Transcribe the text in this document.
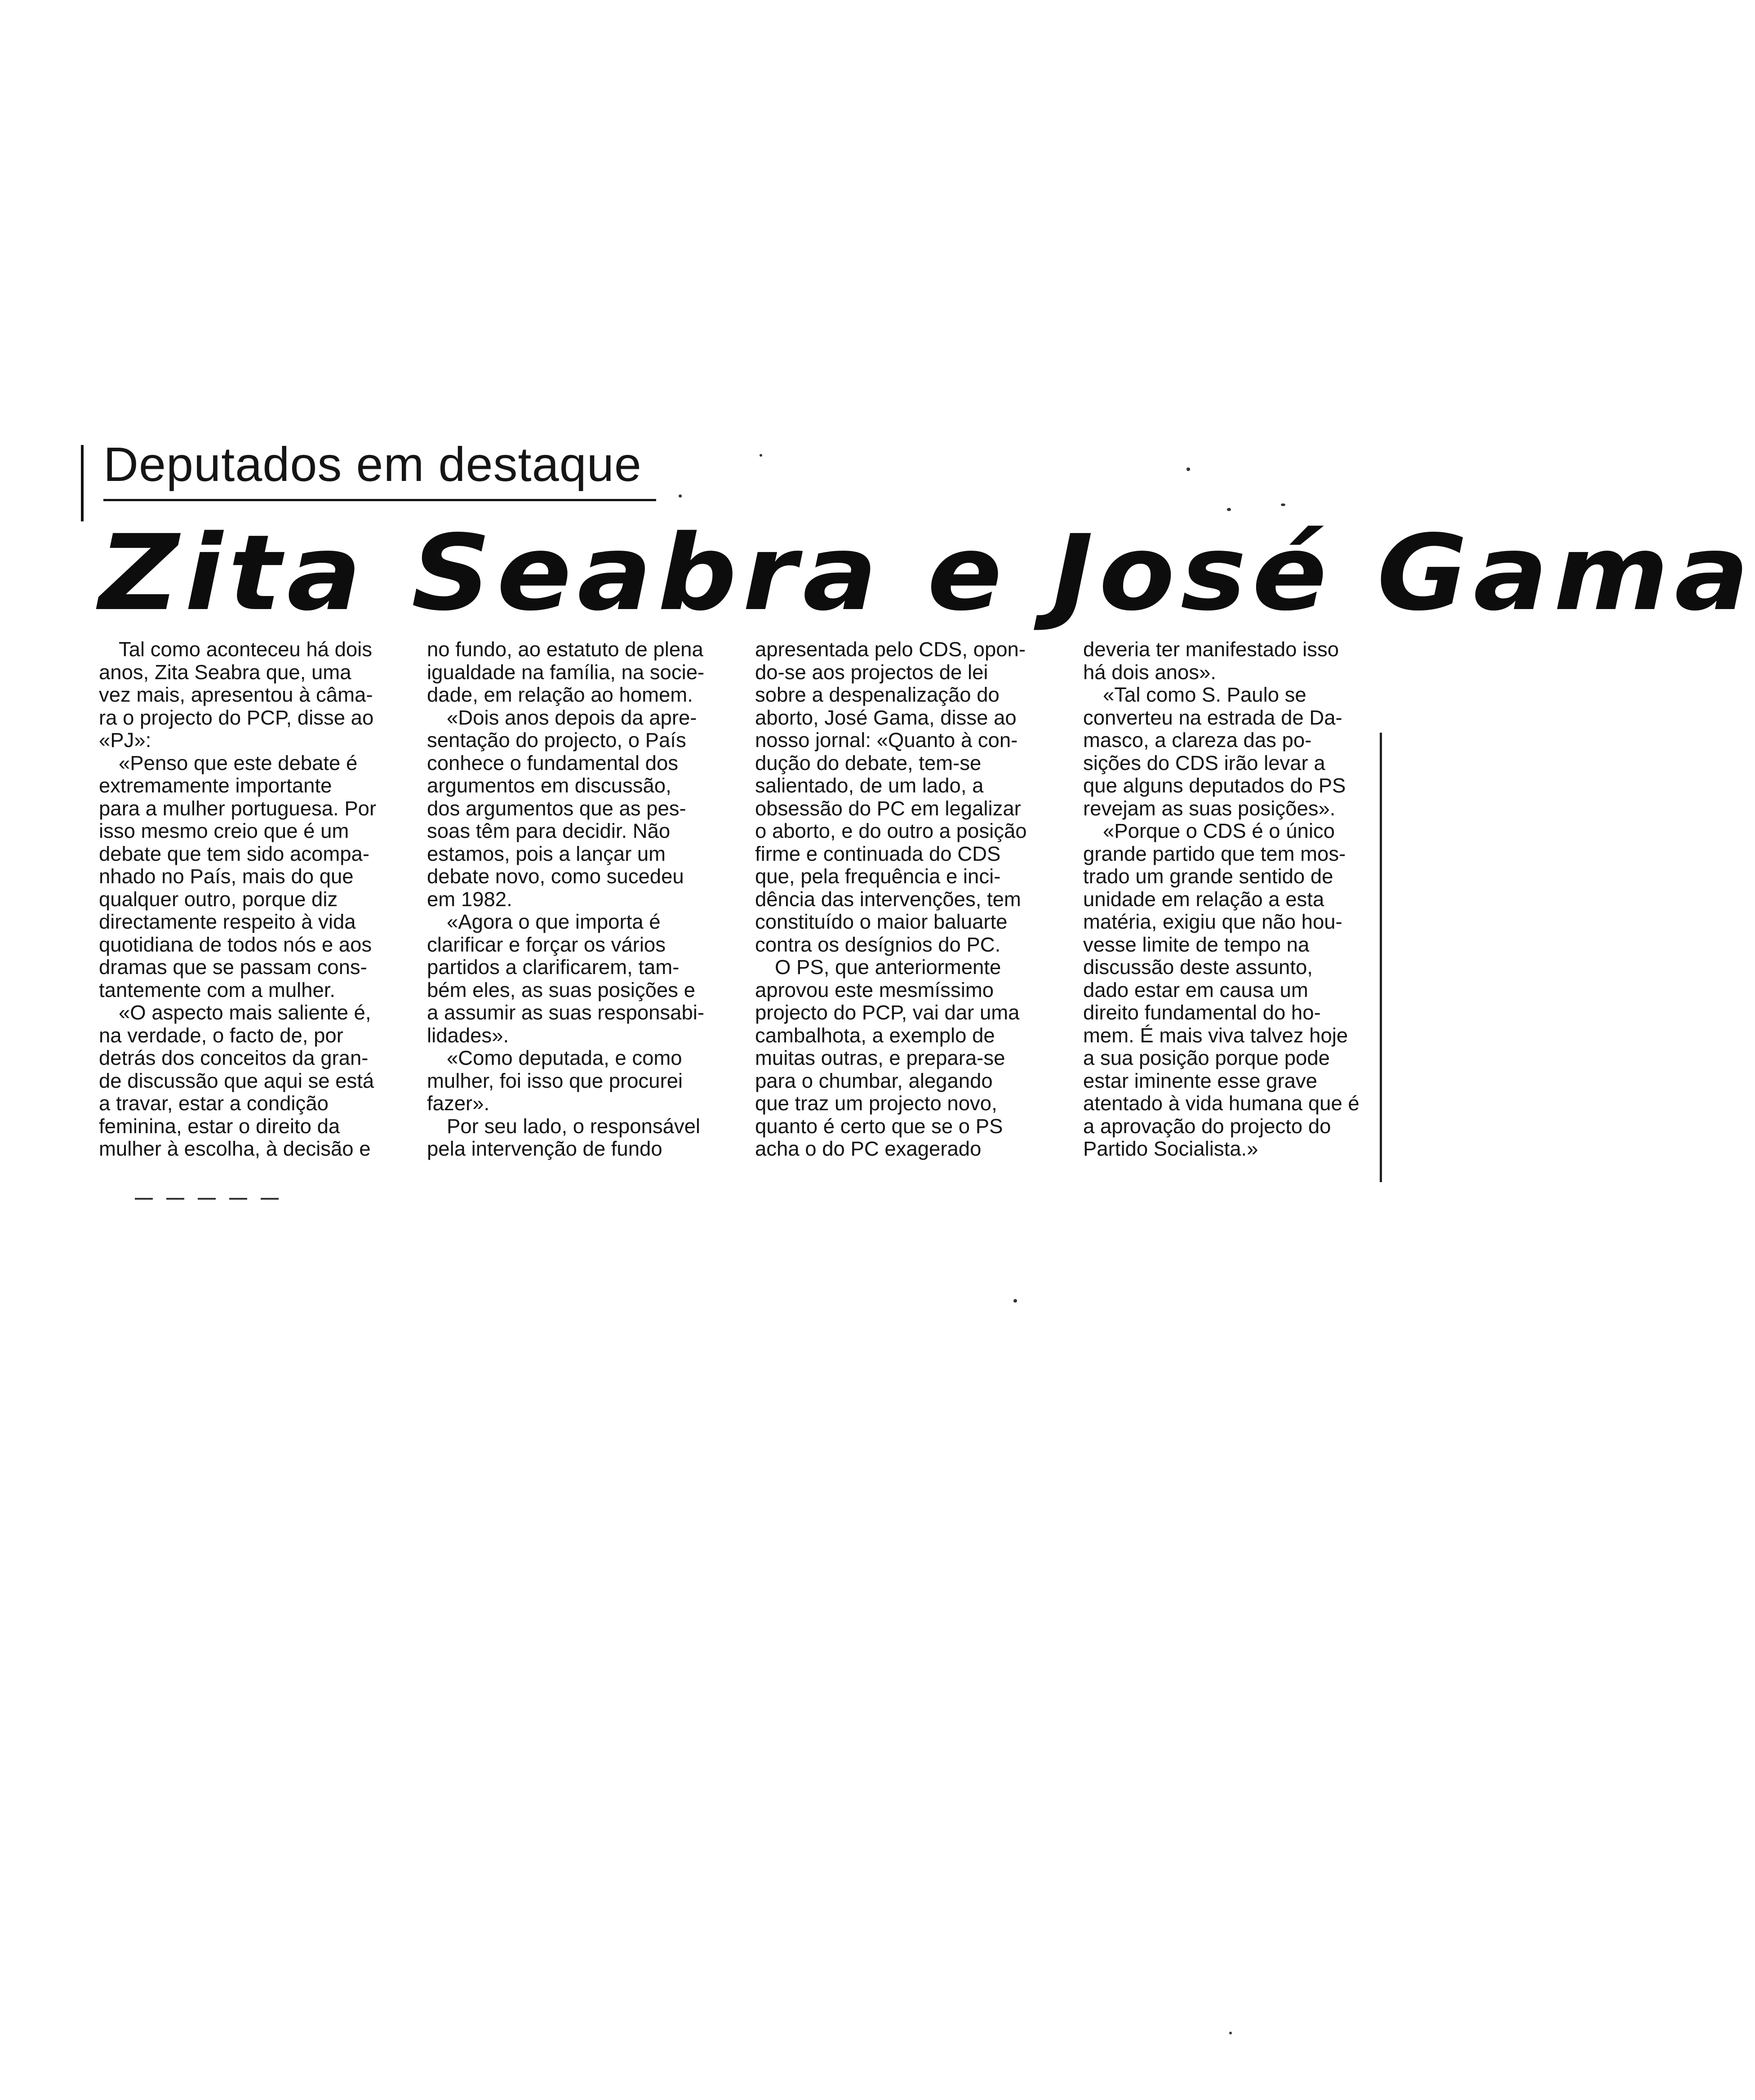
Deputados em destaque
Zita Seabra e José Gama

Tal como aconteceu há dois
anos, Zita Seabra que, uma
vez mais, apresentou à câma-
ra o projecto do PCP, disse ao
«PJ»:

«Penso que este debate é
extremamente importante
para a mulher portuguesa. Por
isso mesmo creio que é um
debate que tem sido acompa-
nhado no País, mais do que
qualquer outro, porque diz
directamente respeito à vida
quotidiana de todos nós e aos
dramas que se passam cons-
tantemente com a mulher.

«O aspecto mais saliente é,
na verdade, o facto de, por
detrás dos conceitos da gran-
de discussão que aqui se está
a travar, estar a condição
feminina, estar o direito da
mulher à escolha, à decisão e

no fundo, ao estatuto de plena
igualdade na família, na socie-
dade, em relação ao homem.

«Dois anos depois da apre-
sentação do projecto, o País
conhece o fundamental dos
argumentos em discussão,
dos argumentos que as pes-
soas têm para decidir. Não
estamos, pois a lançar um
debate novo, como sucedeu
em 1982.

«Agora o que importa é
clarificar e forçar os vários
partidos a clarificarem, tam-
bém eles, as suas posições e
a assumir as suas responsabi-
lidades».

«Como deputada, e como
mulher, foi isso que procurei
fazer».

Por seu lado, o responsável
pela intervenção de fundo

apresentada pelo CDS, opon-
do-se aos projectos de lei
sobre a despenalização do
aborto, José Gama, disse ao
nosso jornal: «Quanto à con-
dução do debate, tem-se
salientado, de um lado, a
obsessão do PC em legalizar
o aborto, e do outro a posição
firme e continuada do CDS
que, pela frequência e inci-
dência das intervenções, tem
constituído o maior baluarte
contra os desígnios do PC.

O PS, que anteriormente
aprovou este mesmíssimo
projecto do PCP, vai dar uma
cambalhota, a exemplo de
muitas outras, e prepara-se
para o chumbar, alegando
que traz um projecto novo,
quanto é certo que se o PS
acha o do PC exagerado

deveria ter manifestado isso
há dois anos».

«Tal como S. Paulo se
converteu na estrada de Da-
masco, a clareza das po-
sições do CDS irão levar a
que alguns deputados do PS
revejam as suas posições».

«Porque o CDS é o único
grande partido que tem mos-
trado um grande sentido de
unidade em relação a esta
matéria, exigiu que não hou-
vesse limite de tempo na
discussão deste assunto,
dado estar em causa um
direito fundamental do ho-
mem. É mais viva talvez hoje
a sua posição porque pode
estar iminente esse grave
atentado à vida humana que é
a aprovação do projecto do
Partido Socialista.»
